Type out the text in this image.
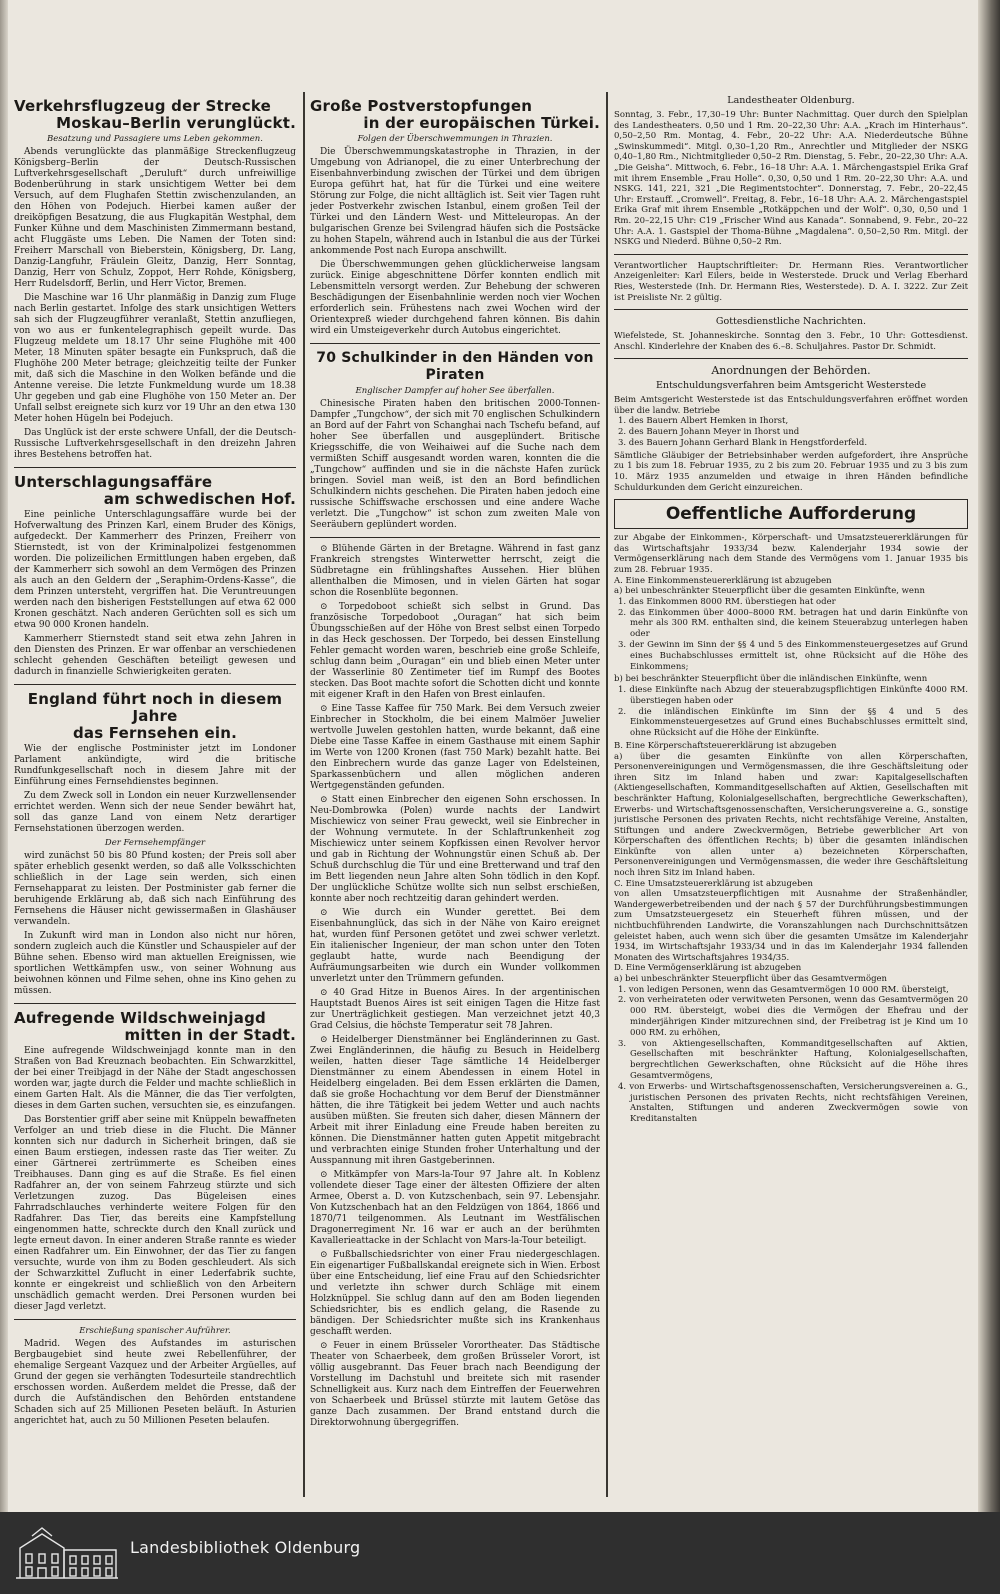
Verkehrsflugzeug der Strecke
Moskau–Berlin verunglückt.
Besatzung und Passagiere ums Leben gekommen.

Abends verunglückte das planmäßige Streckenflugzeug Königsberg–Berlin der Deutsch-Russischen Luftverkehrsgesellschaft „Deruluft“ durch unfreiwillige Bodenberührung in stark unsichtigem Wetter bei dem Versuch, auf dem Flughafen Stettin zwischenzulanden, an den Höhen von Podejuch. Hierbei kamen außer der dreiköpfigen Besatzung, die aus Flugkapitän Westphal, dem Funker Kühne und dem Maschinisten Zimmermann bestand, acht Fluggäste ums Leben. Die Namen der Toten sind: Freiherr Marschall von Bieberstein, Königsberg, Dr. Lang, Danzig-Langfuhr, Fräulein Gleitz, Danzig, Herr Sonntag, Danzig, Herr von Schulz, Zoppot, Herr Rohde, Königsberg, Herr Rudelsdorff, Berlin, und Herr Victor, Bremen.

Die Maschine war 16 Uhr planmäßig in Danzig zum Fluge nach Berlin gestartet. Infolge des stark unsichtigen Wetters sah sich der Flugzeugführer veranlaßt, Stettin anzufliegen, von wo aus er funkentelegraphisch gepeilt wurde. Das Flugzeug meldete um 18.17 Uhr seine Flughöhe mit 400 Meter, 18 Minuten später besagte ein Funkspruch, daß die Flughöhe 200 Meter betrage; gleichzeitig teilte der Funker mit, daß sich die Maschine in den Wolken befände und die Antenne vereise. Die letzte Funkmeldung wurde um 18.38 Uhr gegeben und gab eine Flughöhe von 150 Meter an. Der Unfall selbst ereignete sich kurz vor 19 Uhr an den etwa 130 Meter hohen Hügeln bei Podejuch.

Das Unglück ist der erste schwere Unfall, der die Deutsch-Russische Luftverkehrsgesellschaft in den dreizehn Jahren ihres Bestehens betroffen hat.

Unterschlagungsaffäre
am schwedischen Hof.

Eine peinliche Unterschlagungsaffäre wurde bei der Hofverwaltung des Prinzen Karl, einem Bruder des Königs, aufgedeckt. Der Kammerherr des Prinzen, Freiherr von Stiernstedt, ist von der Kriminalpolizei festgenommen worden. Die polizeilichen Ermittlungen haben ergeben, daß der Kammerherr sich sowohl an dem Vermögen des Prinzen als auch an den Geldern der „Seraphim-Ordens-Kasse“, die dem Prinzen untersteht, vergriffen hat. Die Veruntreuungen werden nach den bisherigen Feststellungen auf etwa 62 000 Kronen geschätzt. Nach anderen Gerüchten soll es sich um etwa 90 000 Kronen handeln.

Kammerherr Stiernstedt stand seit etwa zehn Jahren in den Diensten des Prinzen. Er war offenbar an verschiedenen schlecht gehenden Geschäften beteiligt gewesen und dadurch in finanzielle Schwierigkeiten geraten.

England führt noch in diesem Jahre
das Fernsehen ein.

Wie der englische Postminister jetzt im Londoner Parlament ankündigte, wird die britische Rundfunkgesellschaft noch in diesem Jahre mit der Einführung eines Fernsehdienstes beginnen.

Zu dem Zweck soll in London ein neuer Kurzwellensender errichtet werden. Wenn sich der neue Sender bewährt hat, soll das ganze Land von einem Netz derartiger Fernsehstationen überzogen werden.

Der Fernsehempfänger

wird zunächst 50 bis 80 Pfund kosten; der Preis soll aber später erheblich gesenkt werden, so daß alle Volksschichten schließlich in der Lage sein werden, sich einen Fernsehapparat zu leisten. Der Postminister gab ferner die beruhigende Erklärung ab, daß sich nach Einführung des Fernsehens die Häuser nicht gewissermaßen in Glashäuser verwandeln.

In Zukunft wird man in London also nicht nur hören, sondern zugleich auch die Künstler und Schauspieler auf der Bühne sehen. Ebenso wird man aktuellen Ereignissen, wie sportlichen Wettkämpfen usw., von seiner Wohnung aus beiwohnen können und Filme sehen, ohne ins Kino gehen zu müssen.

Aufregende Wildschweinjagd
mitten in der Stadt.

Eine aufregende Wildschweinjagd konnte man in den Straßen von Bad Kreuznach beobachten. Ein Schwarzkittel, der bei einer Treibjagd in der Nähe der Stadt angeschossen worden war, jagte durch die Felder und machte schließlich in einem Garten Halt. Als die Männer, die das Tier verfolgten, dieses in dem Garten suchen, versuchten sie, es einzufangen.

Das Borstentier griff aber seine mit Knüppeln bewaffneten Verfolger an und trieb diese in die Flucht. Die Männer konnten sich nur dadurch in Sicherheit bringen, daß sie einen Baum erstiegen, indessen raste das Tier weiter. Zu einer Gärtnerei zertrümmerte es Scheiben eines Treibhauses. Dann ging es auf die Straße. Es fiel einen Radfahrer an, der von seinem Fahrzeug stürzte und sich Verletzungen zuzog. Das Bügeleisen eines Fahrradschlauches verhinderte weitere Folgen für den Radfahrer. Das Tier, das bereits eine Kampfstellung eingenommen hatte, schreckte durch den Knall zurück und legte erneut davon. In einer anderen Straße rannte es wieder einen Radfahrer um. Ein Einwohner, der das Tier zu fangen versuchte, wurde von ihm zu Boden geschleudert. Als sich der Schwarzkittel Zuflucht in einer Lederfabrik suchte, konnte er eingekreist und schließlich von den Arbeitern unschädlich gemacht werden. Drei Personen wurden bei dieser Jagd verletzt.

Erschießung spanischer Aufrührer.

Madrid. Wegen des Aufstandes im asturischen Bergbaugebiet sind heute zwei Rebellenführer, der ehemalige Sergeant Vazquez und der Arbeiter Argüelles, auf Grund der gegen sie verhängten Todesurteile standrechtlich erschossen worden. Außerdem meldet die Presse, daß der durch die Aufständischen den Behörden entstandene Schaden sich auf 25 Millionen Peseten beläuft. In Asturien angerichtet hat, auch zu 50 Millionen Peseten belaufen.

Große Postverstopfungen
in der europäischen Türkei.
Folgen der Überschwemmungen in Thrazien.

Die Überschwemmungskatastrophe in Thrazien, in der Umgebung von Adrianopel, die zu einer Unterbrechung der Eisenbahnverbindung zwischen der Türkei und dem übrigen Europa geführt hat, hat für die Türkei und eine weitere Störung zur Folge, die nicht alltäglich ist. Seit vier Tagen ruht jeder Postverkehr zwischen Istanbul, einem großen Teil der Türkei und den Ländern West- und Mitteleuropas. An der bulgarischen Grenze bei Svilengrad häufen sich die Postsäcke zu hohen Stapeln, während auch in Istanbul die aus der Türkei ankommende Post nach Europa anschwillt.

Die Überschwemmungen gehen glücklicherweise langsam zurück. Einige abgeschnittene Dörfer konnten endlich mit Lebensmitteln versorgt werden. Zur Behebung der schweren Beschädigungen der Eisenbahnlinie werden noch vier Wochen erforderlich sein. Frühestens nach zwei Wochen wird der Orientexpreß wieder durchgehend fahren können. Bis dahin wird ein Umsteigeverkehr durch Autobus eingerichtet.

70 Schulkinder in den Händen von Piraten
Englischer Dampfer auf hoher See überfallen.

Chinesische Piraten haben den britischen 2000-Tonnen-Dampfer „Tungchow“, der sich mit 70 englischen Schulkindern an Bord auf der Fahrt von Schanghai nach Tschefu befand, auf hoher See überfallen und ausgeplündert. Britische Kriegsschiffe, die von Weihaiwei auf die Suche nach dem vermißten Schiff ausgesandt worden waren, konnten die die „Tungchow“ auffinden und sie in die nächste Hafen zurück bringen. Soviel man weiß, ist den an Bord befindlichen Schulkindern nichts geschehen. Die Piraten haben jedoch eine russische Schiffswache erschossen und eine andere Wache verletzt. Die „Tungchow“ ist schon zum zweiten Male von Seeräubern geplündert worden.

⊙ Blühende Gärten in der Bretagne. Während in fast ganz Frankreich strengstes Winterwetter herrscht, zeigt die Südbretagne ein frühlingshaftes Aussehen. Hier blühen allenthalben die Mimosen, und in vielen Gärten hat sogar schon die Rosenblüte begonnen.

⊙ Torpedoboot schießt sich selbst in Grund. Das französische Torpedoboot „Ouragan“ hat sich beim Übungsschießen auf der Höhe von Brest selbst einen Torpedo in das Heck geschossen. Der Torpedo, bei dessen Einstellung Fehler gemacht worden waren, beschrieb eine große Schleife, schlug dann beim „Ouragan“ ein und blieb einen Meter unter der Wasserlinie 80 Zentimeter tief im Rumpf des Bootes stecken. Das Boot machte sofort die Schotten dicht und konnte mit eigener Kraft in den Hafen von Brest einlaufen.

⊙ Eine Tasse Kaffee für 750 Mark. Bei dem Versuch zweier Einbrecher in Stockholm, die bei einem Malmöer Juwelier wertvolle Juwelen gestohlen hatten, wurde bekannt, daß eine Diebe eine Tasse Kaffee in einem Gasthause mit einem Saphir im Werte von 1200 Kronen (fast 750 Mark) bezahlt hatte. Bei den Einbrechern wurde das ganze Lager von Edelsteinen, Sparkassenbüchern und allen möglichen anderen Wertgegenständen gefunden.

⊙ Statt einen Einbrecher den eigenen Sohn erschossen. In Neu-Dombrowka (Polen) wurde nachts der Landwirt Mischiewicz von seiner Frau geweckt, weil sie Einbrecher in der Wohnung vermutete. In der Schlaftrunkenheit zog Mischiewicz unter seinem Kopfkissen einen Revolver hervor und gab in Richtung der Wohnungstür einen Schuß ab. Der Schuß durchschlug die Tür und eine Bretterwand und traf den im Bett liegenden neun Jahre alten Sohn tödlich in den Kopf. Der unglückliche Schütze wollte sich nun selbst erschießen, konnte aber noch rechtzeitig daran gehindert werden.

⊙ Wie durch ein Wunder gerettet. Bei dem Eisenbahnunglück, das sich in der Nähe von Kairo ereignet hat, wurden fünf Personen getötet und zwei schwer verletzt. Ein italienischer Ingenieur, der man schon unter den Toten geglaubt hatte, wurde nach Beendigung der Aufräumungsarbeiten wie durch ein Wunder vollkommen unverletzt unter den Trümmern gefunden.

⊙ 40 Grad Hitze in Buenos Aires. In der argentinischen Hauptstadt Buenos Aires ist seit einigen Tagen die Hitze fast zur Unerträglichkeit gestiegen. Man verzeichnet jetzt 40,3 Grad Celsius, die höchste Temperatur seit 78 Jahren.

⊙ Heidelberger Dienstmänner bei Engländerinnen zu Gast. Zwei Engländerinnen, die häufig zu Besuch in Heidelberg weilen, hatten dieser Tage sämtliche 14 Heidelberger Dienstmänner zu einem Abendessen in einem Hotel in Heidelberg eingeladen. Bei dem Essen erklärten die Damen, daß sie große Hochachtung vor dem Beruf der Dienstmänner hätten, die ihre Tätigkeit bei jedem Wetter und auch nachts ausüben müßten. Sie freuten sich daher, diesen Männern der Arbeit mit ihrer Einladung eine Freude haben bereiten zu können. Die Dienstmänner hatten guten Appetit mitgebracht und verbrachten einige Stunden froher Unterhaltung und der Ausspannung mit ihren Gastgeberinnen.

⊙ Mitkämpfer von Mars-la-Tour 97 Jahre alt. In Koblenz vollendete dieser Tage einer der ältesten Offiziere der alten Armee, Oberst a. D. von Kutzschenbach, sein 97. Lebensjahr. Von Kutzschenbach hat an den Feldzügen von 1864, 1866 und 1870/71 teilgenommen. Als Leutnant im Westfälischen Dragonerregiment Nr. 16 war er auch an der berühmten Kavallerieattacke in der Schlacht von Mars-la-Tour beteiligt.

⊙ Fußballschiedsrichter von einer Frau niedergeschlagen. Ein eigenartiger Fußballskandal ereignete sich in Wien. Erbost über eine Entscheidung, lief eine Frau auf den Schiedsrichter und verletzte ihn schwer durch Schläge mit einem Holzknüppel. Sie schlug dann auf den am Boden liegenden Schiedsrichter, bis es endlich gelang, die Rasende zu bändigen. Der Schiedsrichter mußte sich ins Krankenhaus geschafft werden.

⊙ Feuer in einem Brüsseler Vorortheater. Das Städtische Theater von Schaerbeek, dem großen Brüsseler Vorort, ist völlig ausgebrannt. Das Feuer brach nach Beendigung der Vorstellung im Dachstuhl und breitete sich mit rasender Schnelligkeit aus. Kurz nach dem Eintreffen der Feuerwehren von Schaerbeek und Brüssel stürzte mit lautem Getöse das ganze Dach zusammen. Der Brand entstand durch die Direktorwohnung übergegriffen.

Landestheater Oldenburg.

Sonntag, 3. Febr., 17,30–19 Uhr: Bunter Nachmittag. Quer durch den Spielplan des Landestheaters. 0,50 und 1 Rm. 20–22,30 Uhr: A.A. „Krach im Hinterhaus“. 0,50–2,50 Rm. Montag, 4. Febr., 20–22 Uhr: A.A. Niederdeutsche Bühne „Swinskummedi“. Mitgl. 0,30–1,20 Rm., Anrechtler und Mitglieder der NSKG 0,40–1,80 Rm., Nichtmitglieder 0,50–2 Rm. Dienstag, 5. Febr., 20–22,30 Uhr: A.A. „Die Geisha“. Mittwoch, 6. Febr., 16–18 Uhr: A.A. 1. Märchengastspiel Erika Graf mit ihrem Ensemble „Frau Holle“. 0,30, 0,50 und 1 Rm. 20–22,30 Uhr: A.A. und NSKG. 141, 221, 321 „Die Regimentstochter“. Donnerstag, 7. Febr., 20–22,45 Uhr: Erstauff. „Cromwell“. Freitag, 8. Febr., 16–18 Uhr: A.A. 2. Märchengastspiel Erika Graf mit ihrem Ensemble „Rotkäppchen und der Wolf“. 0,30, 0,50 und 1 Rm. 20–22,15 Uhr: C19 „Frischer Wind aus Kanada“. Sonnabend, 9. Febr., 20–22 Uhr: A.A. 1. Gastspiel der Thoma-Bühne „Magdalena“. 0,50–2,50 Rm. Mitgl. der NSKG und Niederd. Bühne 0,50–2 Rm.

Verantwortlicher Hauptschriftleiter: Dr. Hermann Ries. Verantwortlicher Anzeigenleiter: Karl Eilers, beide in Westerstede. Druck und Verlag Eberhard Ries, Westerstede (Inh. Dr. Hermann Ries, Westerstede). D. A. I. 3222. Zur Zeit ist Preisliste Nr. 2 gültig.

Gottesdienstliche Nachrichten.

Wiefelstede, St. Johanneskirche. Sonntag den 3. Febr., 10 Uhr: Gottesdienst. Anschl. Kinderlehre der Knaben des 6.–8. Schuljahres. Pastor Dr. Schmidt.

Anordnungen der Behörden.
Entschuldungsverfahren beim Amtsgericht Westerstede

Beim Amtsgericht Westerstede ist das Entschuldungsverfahren eröffnet worden über die landw. Betriebe

1. des Bauern Albert Hemken in Ihorst,
2. des Bauern Johann Meyer in Ihorst und
3. des Bauern Johann Gerhard Blank in Hengstforderfeld.

Sämtliche Gläubiger der Betriebsinhaber werden aufgefordert, ihre Ansprüche zu 1 bis zum 18. Februar 1935, zu 2 bis zum 20. Februar 1935 und zu 3 bis zum 10. März 1935 anzumelden und etwaige in ihren Händen befindliche Schuldurkunden dem Gericht einzureichen.

Oeffentliche Aufforderung

zur Abgabe der Einkommen-, Körperschaft- und Umsatzsteuererklärungen für das Wirtschaftsjahr 1933/34 bezw. Kalenderjahr 1934 sowie der Vermögenserklärung nach dem Stande des Vermögens vom 1. Januar 1935 bis zum 28. Februar 1935.

A. Eine Einkommensteuererklärung ist abzugeben

a) bei unbeschränkter Steuerpflicht über die gesamten Einkünfte, wenn

1. das Einkommen 8000 RM. überstiegen hat oder
2. das Einkommen über 4000–8000 RM. betragen hat und darin Einkünfte von mehr als 300 RM. enthalten sind, die keinem Steuerabzug unterlegen haben oder
3. der Gewinn im Sinn der §§ 4 und 5 des Einkommensteuergesetzes auf Grund eines Buchabschlusses ermittelt ist, ohne Rücksicht auf die Höhe des Einkommens;

b) bei beschränkter Steuerpflicht über die inländischen Einkünfte, wenn

1. diese Einkünfte nach Abzug der steuerabzugspflichtigen Einkünfte 4000 RM. überstiegen haben oder
2. die inländischen Einkünfte im Sinn der §§ 4 und 5 des Einkommensteuergesetzes auf Grund eines Buchabschlusses ermittelt sind, ohne Rücksicht auf die Höhe der Einkünfte.

B. Eine Körperschaftsteuererklärung ist abzugeben

a) über die gesamten Einkünfte von allen Körperschaften, Personenvereinigungen und Vermögensmassen, die ihre Geschäftsleitung oder ihren Sitz im Inland haben und zwar: Kapitalgesellschaften (Aktiengesellschaften, Kommanditgesellschaften auf Aktien, Gesellschaften mit beschränkter Haftung, Kolonialgesellschaften, bergrechtliche Gewerkschaften), Erwerbs- und Wirtschaftsgenossenschaften, Versicherungsvereine a. G., sonstige juristische Personen des privaten Rechts, nicht rechtsfähige Vereine, Anstalten, Stiftungen und andere Zweckvermögen, Betriebe gewerblicher Art von Körperschaften des öffentlichen Rechts; b) über die gesamten inländischen Einkünfte von allen unter a) bezeichneten Körperschaften, Personenvereinigungen und Vermögensmassen, die weder ihre Geschäftsleitung noch ihren Sitz im Inland haben.

C. Eine Umsatzsteuererklärung ist abzugeben

von allen Umsatzsteuerpflichtigen mit Ausnahme der Straßenhändler, Wandergewerbetreibenden und der nach § 57 der Durchführungsbestimmungen zum Umsatzsteuergesetz ein Steuerheft führen müssen, und der nichtbuchführenden Landwirte, die Voranszahlungen nach Durchschnittsätzen geleistet haben, auch wenn sich über die gesamten Umsätze im Kalenderjahr 1934, im Wirtschaftsjahr 1933/34 und in das im Kalenderjahr 1934 fallenden Monaten des Wirtschaftsjahres 1934/35.

D. Eine Vermögenserklärung ist abzugeben

a) bei unbeschränkter Steuerpflicht über das Gesamtvermögen

1. von ledigen Personen, wenn das Gesamtvermögen 10 000 RM. übersteigt,
2. von verheirateten oder verwitweten Personen, wenn das Gesamtvermögen 20 000 RM. übersteigt, wobei dies die Vermögen der Ehefrau und der minderjährigen Kinder mitzurechnen sind, der Freibetrag ist je Kind um 10 000 RM. zu erhöhen,
3. von Aktiengesellschaften, Kommanditgesellschaften auf Aktien, Gesellschaften mit beschränkter Haftung, Kolonialgesellschaften, bergrechtlichen Gewerkschaften, ohne Rücksicht auf die Höhe ihres Gesamtvermögens,
4. von Erwerbs- und Wirtschaftsgenossenschaften, Versicherungsvereinen a. G., juristischen Personen des privaten Rechts, nicht rechtsfähigen Vereinen, Anstalten, Stiftungen und anderen Zweckvermögen sowie von Kreditanstalten
Landesbibliothek Oldenburg
